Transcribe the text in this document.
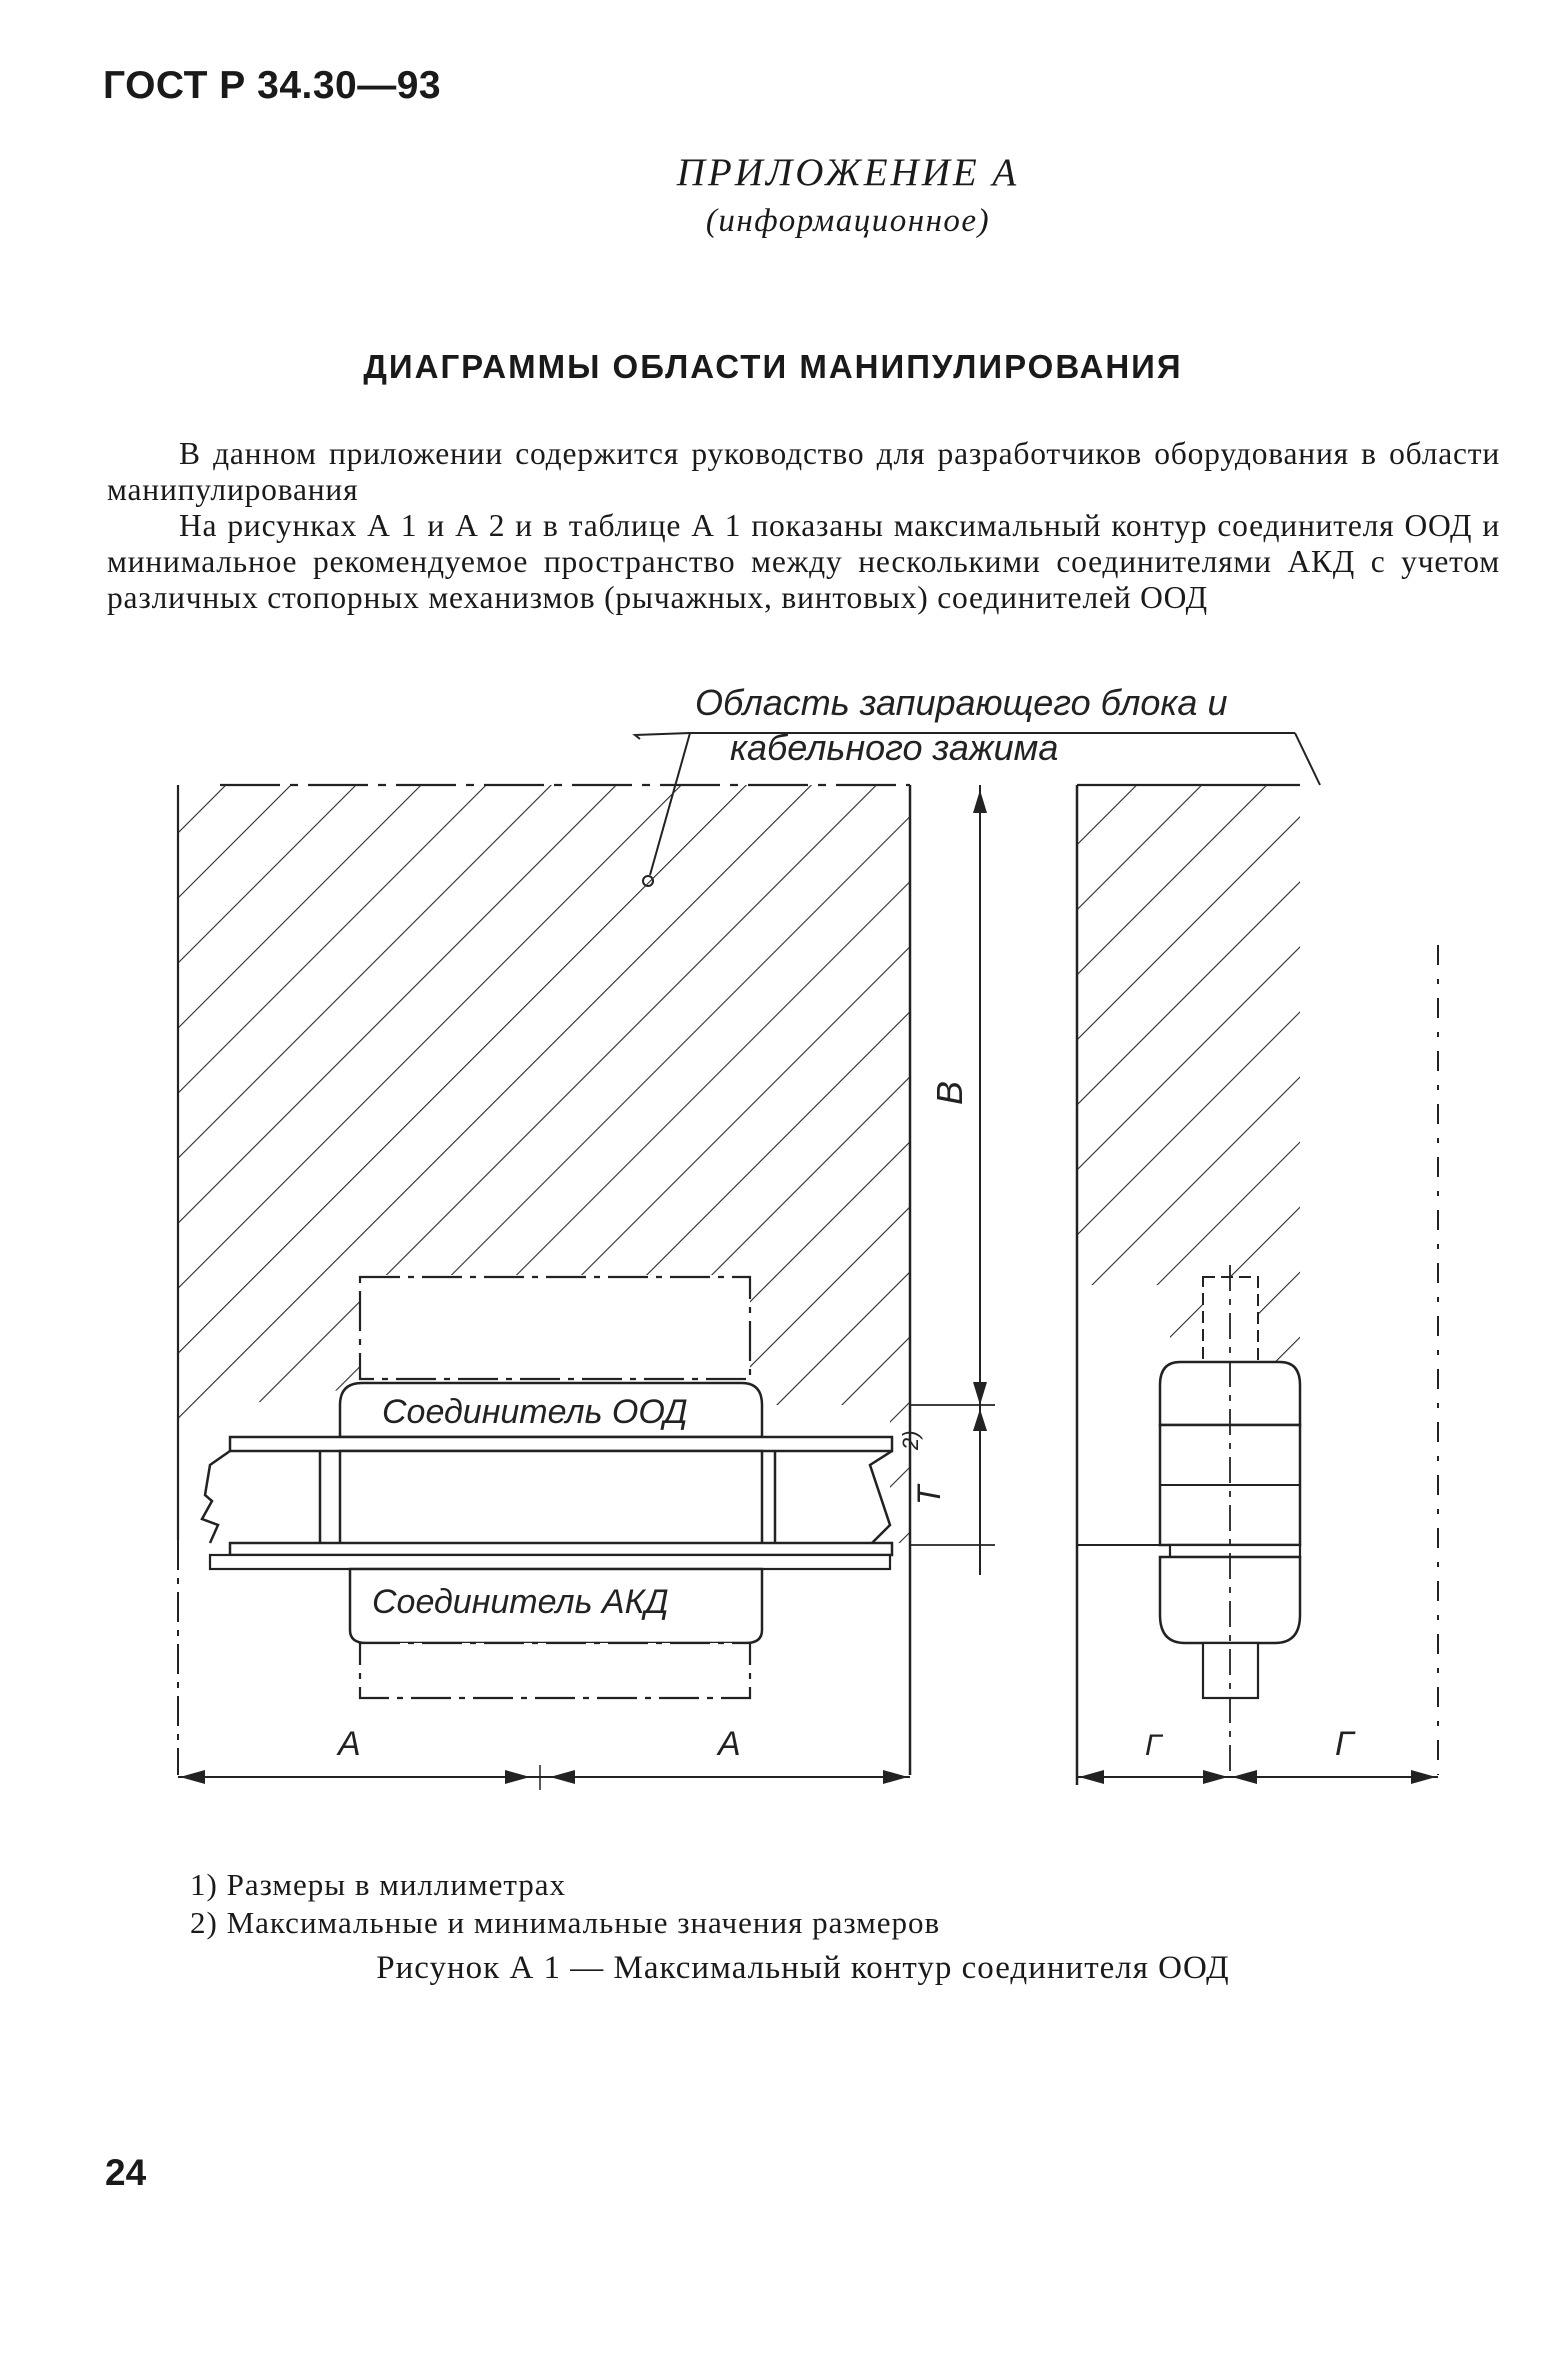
ГОСТ Р 34.30—93
ПРИЛОЖЕНИЕ А
(информационное)
ДИАГРАММЫ ОБЛАСТИ МАНИПУЛИРОВАНИЯ
В данном приложении содержится руководство для разработчиков оборудования в области манипулирования
На рисунках А 1 и А 2 и в таблице А 1 показаны максимальный контур соединителя ООД и минимальное рекомендуемое пространство между несколькими соединителями АКД с учетом различных стопорных механизмов (рычажных, винтовых) соединителей ООД
Область запирающего блока и
кабельного зажима
Соединитель ООД
Соединитель АКД
B
Т
2)
А	А	Г	Г
1) Размеры в миллиметрах
2) Максимальные и минимальные значения размеров
Рисунок А 1 — Максимальный контур соединителя ООД
24
